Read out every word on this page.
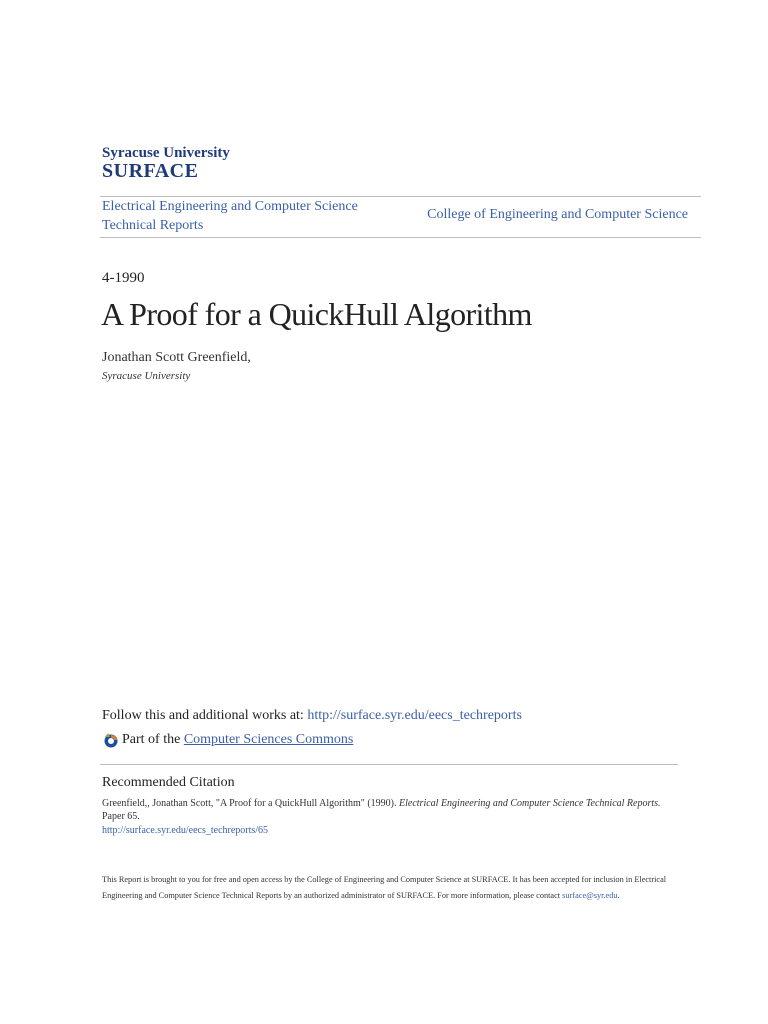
Syracuse University
SURFACE
Electrical Engineering and Computer Science
Technical Reports
College of Engineering and Computer Science
4-1990
A Proof for a QuickHull Algorithm
Jonathan Scott Greenfield,
Syracuse University
Follow this and additional works at: http://surface.syr.edu/eecs_techreports
Part of the
Computer Sciences Commons
Recommended Citation
Greenfield,, Jonathan Scott, "A Proof for a QuickHull Algorithm" (1990). Electrical Engineering and Computer Science Technical Reports. Paper 65.
http://surface.syr.edu/eecs_techreports/65
This Report is brought to you for free and open access by the College of Engineering and Computer Science at SURFACE. It has been accepted for inclusion in Electrical Engineering and Computer Science Technical Reports by an authorized administrator of SURFACE. For more information, please contact surface@syr.edu.
